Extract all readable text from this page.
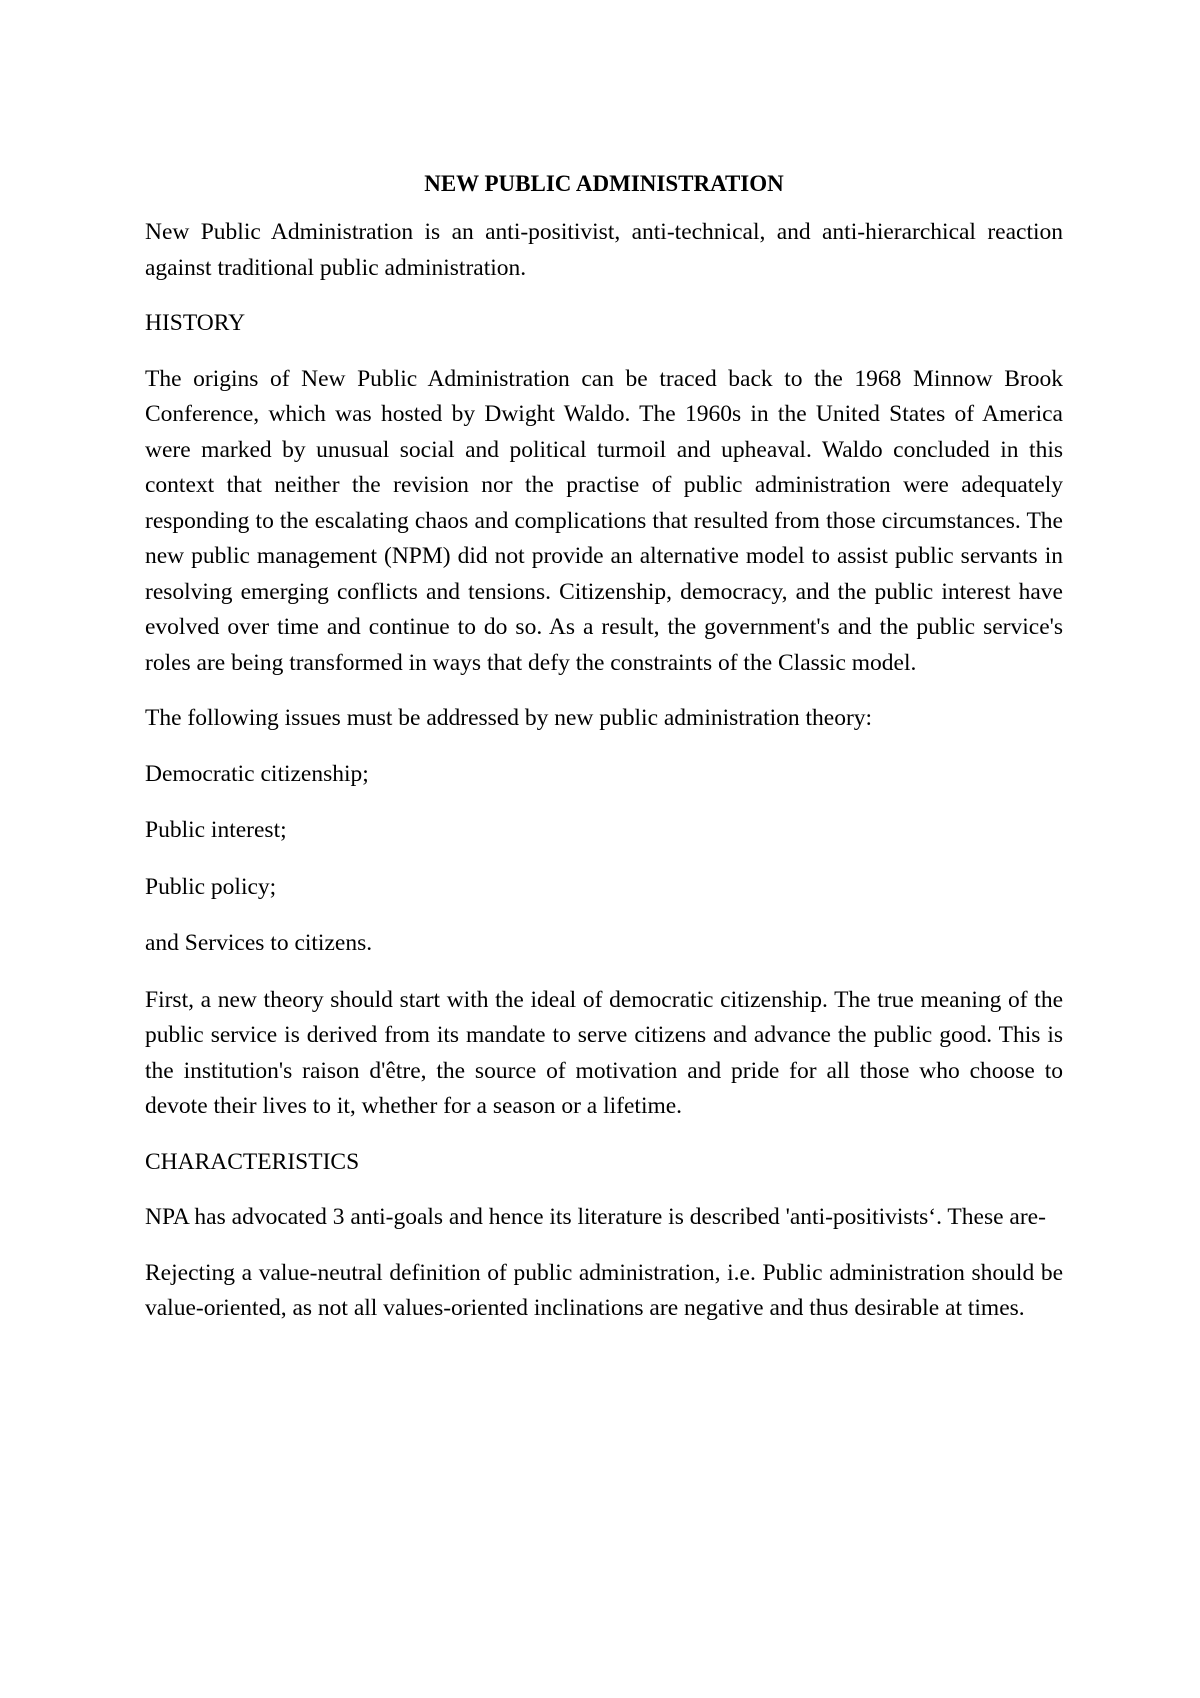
NEW PUBLIC ADMINISTRATION

New Public Administration is an anti-positivist, anti-technical, and anti-hierarchical reaction against traditional public administration.

HISTORY

The origins of New Public Administration can be traced back to the 1968 Minnow Brook Conference, which was hosted by Dwight Waldo. The 1960s in the United States of America were marked by unusual social and political turmoil and upheaval. Waldo concluded in this context that neither the revision nor the practise of public administration were adequately responding to the escalating chaos and complications that resulted from those circumstances. The new public management (NPM) did not provide an alternative model to assist public servants in resolving emerging conflicts and tensions. Citizenship, democracy, and the public interest have evolved over time and continue to do so. As a result, the government's and the public service's roles are being transformed in ways that defy the constraints of the Classic model.

The following issues must be addressed by new public administration theory:

Democratic citizenship;

Public interest;

Public policy;

and Services to citizens.

First, a new theory should start with the ideal of democratic citizenship. The true meaning of the public service is derived from its mandate to serve citizens and advance the public good. This is the institution's raison d'être, the source of motivation and pride for all those who choose to devote their lives to it, whether for a season or a lifetime.

CHARACTERISTICS

NPA has advocated 3 anti-goals and hence its literature is described 'anti-positivists‘. These are-

Rejecting a value-neutral definition of public administration, i.e. Public administration should be value-oriented, as not all values-oriented inclinations are negative and thus desirable at times.
